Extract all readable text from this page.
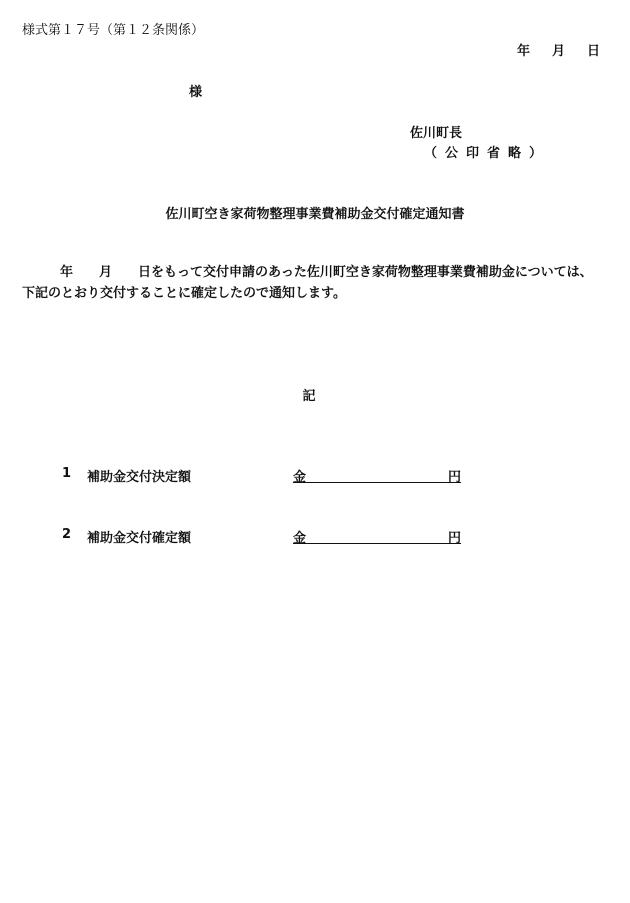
様式第１７号（第１２条関係）
年 月 日
様
佐川町長
（公印省略）
佐川町空き家荷物整理事業費補助金交付確定通知書
年 月 日をもって交付申請のあった佐川町空き家荷物整理事業費補助金については、
下記のとおり交付することに確定したので通知します。
記
1 補助金交付決定額	金	円
2 補助金交付確定額	金	円
